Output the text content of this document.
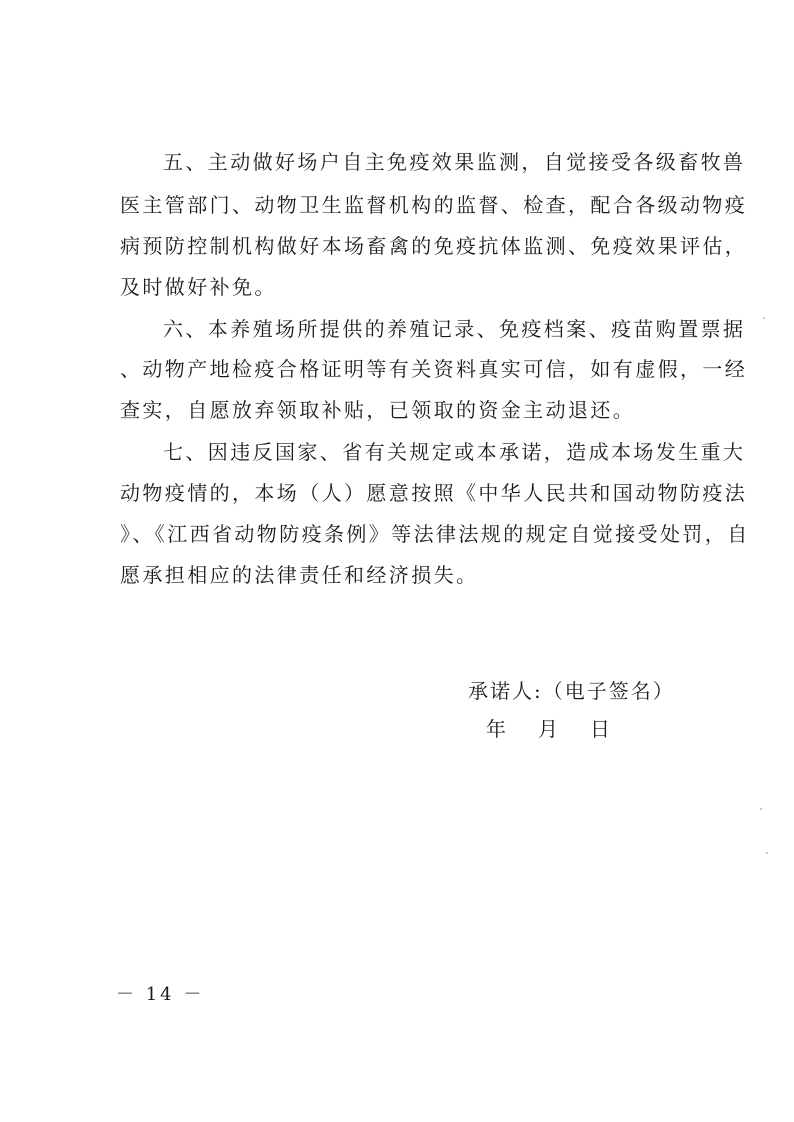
五、主动做好场户自主免疫效果监测，自觉接受各级畜牧兽
医主管部门、动物卫生监督机构的监督、检查，配合各级动物疫
病预防控制机构做好本场畜禽的免疫抗体监测、免疫效果评估，
及时做好补免。
六、本养殖场所提供的养殖记录、免疫档案、疫苗购置票据
、动物产地检疫合格证明等有关资料真实可信，如有虚假，一经
查实，自愿放弃领取补贴，已领取的资金主动退还。
七、因违反国家、省有关规定或本承诺，造成本场发生重大
动物疫情的，本场（人）愿意按照《中华人民共和国动物防疫法
》、《江西省动物防疫条例》等法律法规的规定自觉接受处罚，自
愿承担相应的法律责任和经济损失。
承诺人:（电子签名）
年 月 日
－ 14 －
